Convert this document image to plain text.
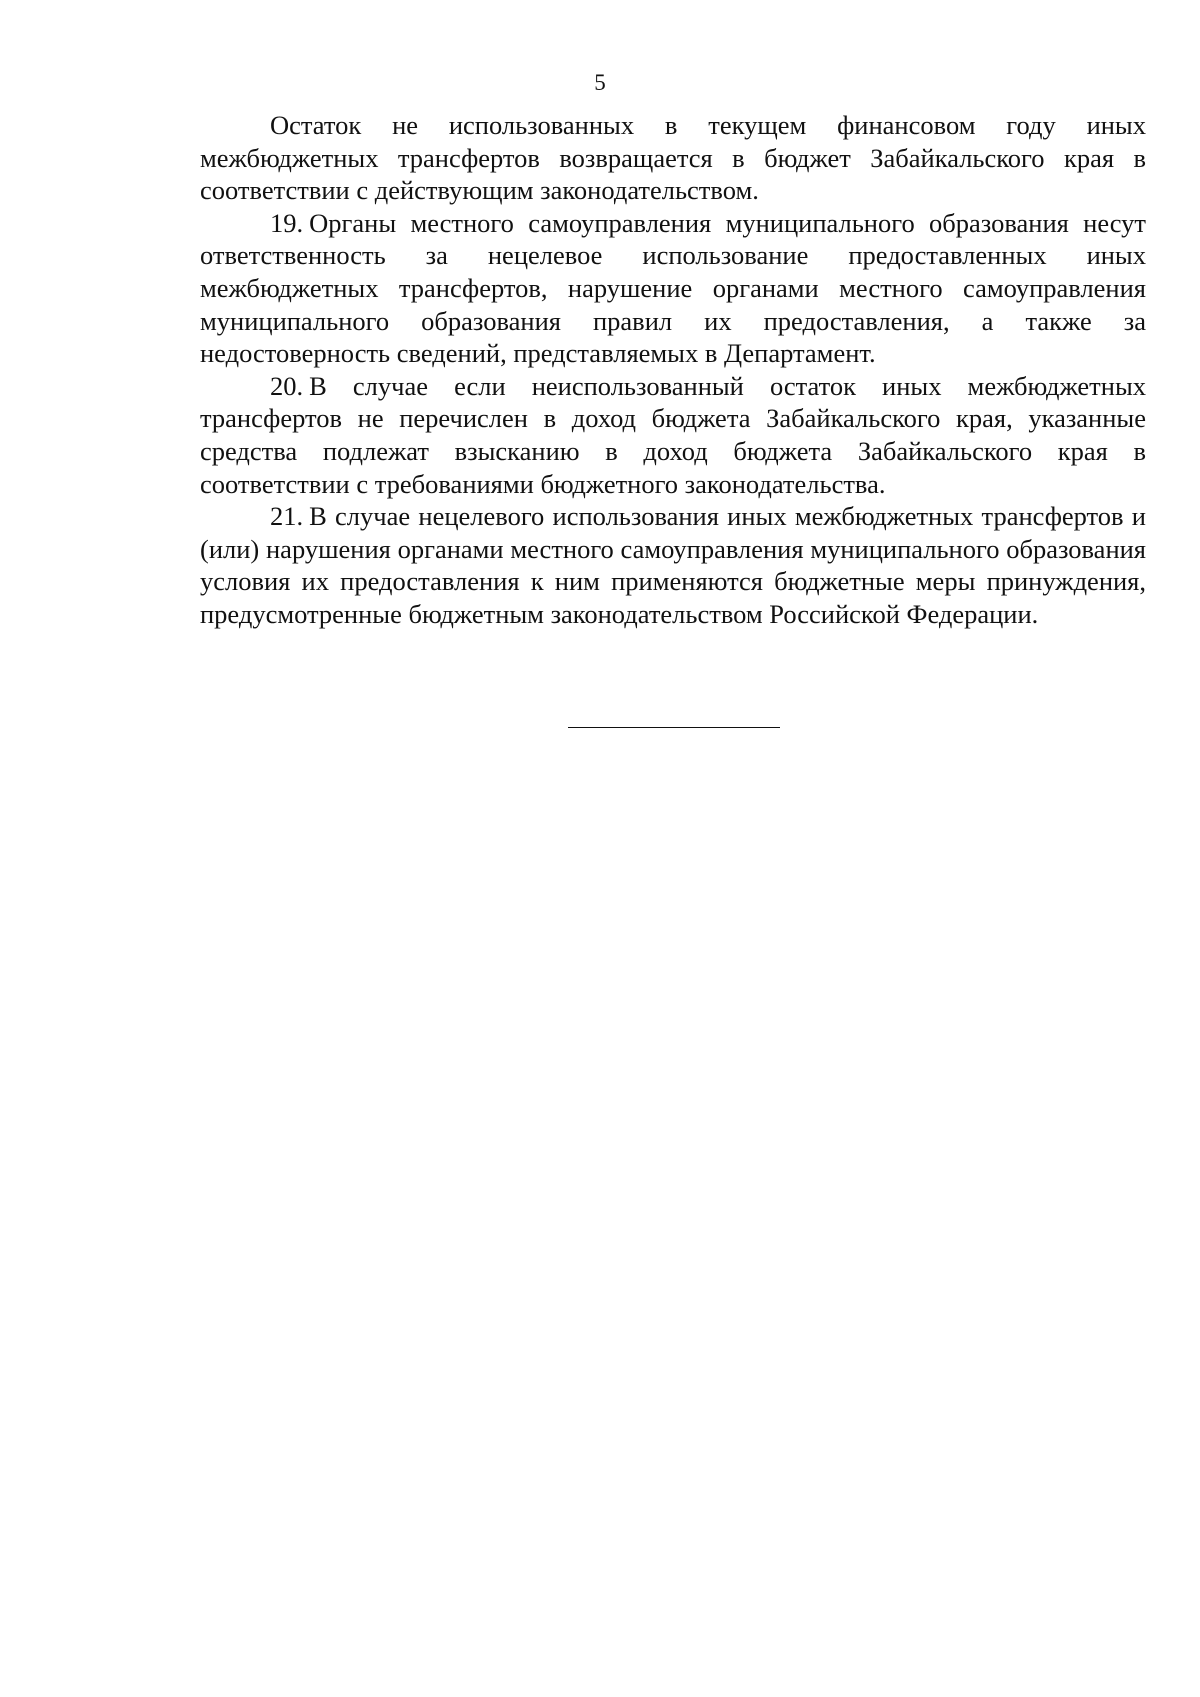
5

Остаток не использованных в текущем финансовом году иных межбюджетных трансфертов возвращается в бюджет Забайкальского края в соответствии с действующим законодательством.

19. Органы местного самоуправления муниципального образования несут ответственность за нецелевое использование предоставленных иных межбюджетных трансфертов, нарушение органами местного самоуправления муниципального образования правил их предоставления, а также за недостоверность сведений, представляемых в Департамент.

20. В случае если неиспользованный остаток иных межбюджетных трансфертов не перечислен в доход бюджета Забайкальского края, указанные средства подлежат взысканию в доход бюджета Забайкальского края в соответствии с требованиями бюджетного законодательства.

21. В случае нецелевого использования иных межбюджетных трансфертов и (или) нарушения органами местного самоуправления муниципального образования условия их предоставления к ним применяются бюджетные меры принуждения, предусмотренные бюджетным законодательством Российской Федерации.
